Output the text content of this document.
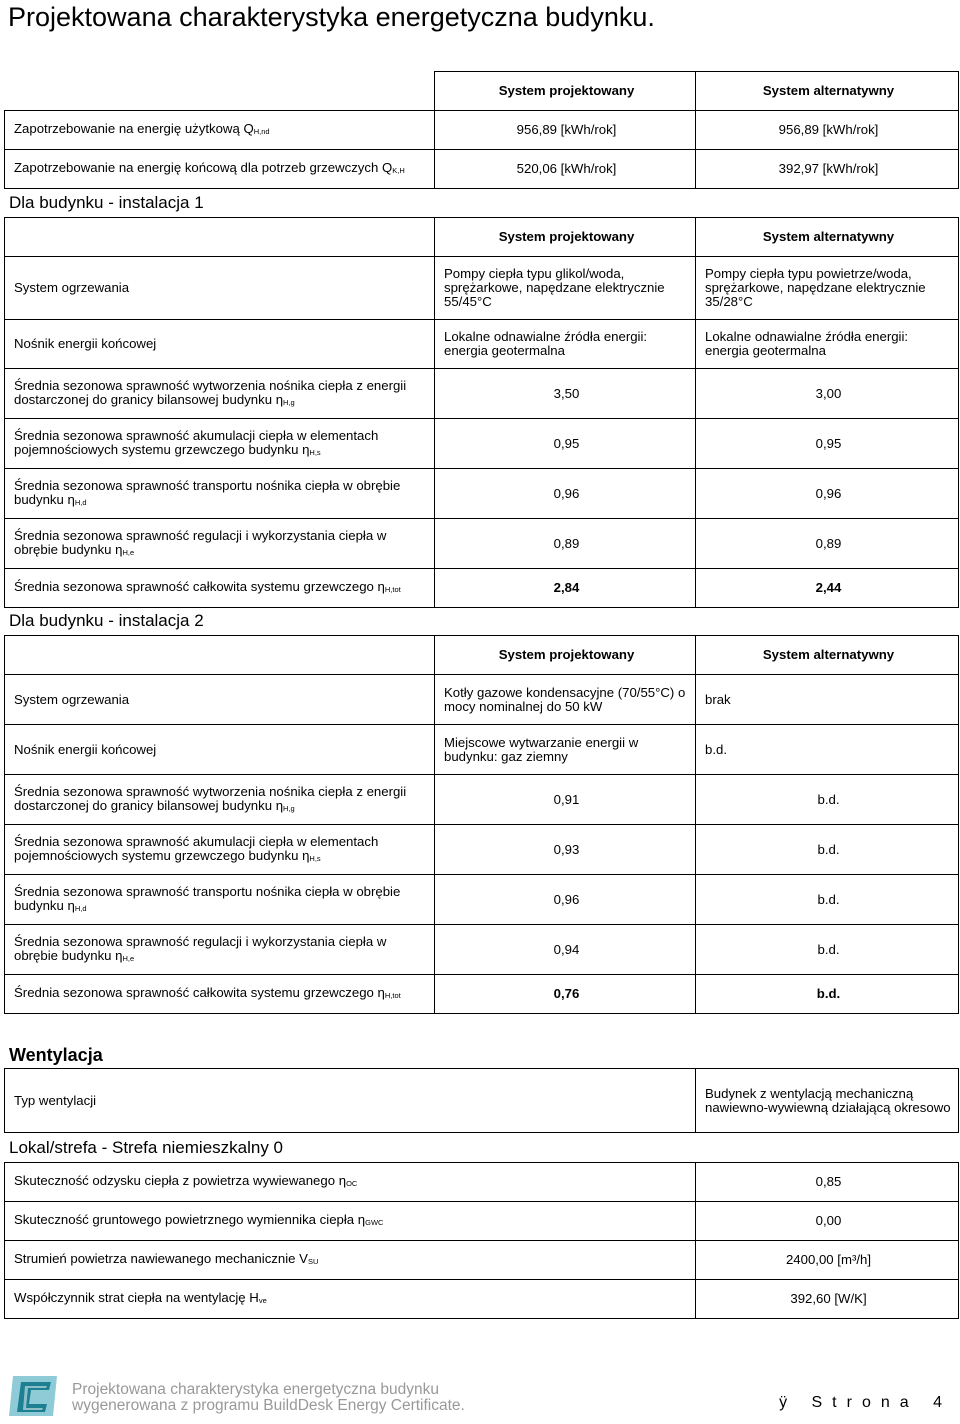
Projektowana charakterystyka energetyczna budynku.
	System projektowany	System alternatywny
Zapotrzebowanie na energię użytkową $Q_{H,nd}$	956,89 [kWh/rok]	956,89 [kWh/rok]
Zapotrzebowanie na energię końcową dla potrzeb grzewczych $Q_{K,H}$	520,06 [kWh/rok]	392,97 [kWh/rok]
Dla budynku - instalacja 1
	System projektowany	System alternatywny
System ogrzewania	Pompy ciepła typu glikol/woda, sprężarkowe, napędzane elektrycznie 55/45°C	Pompy ciepła typu powietrze/woda, sprężarkowe, napędzane elektrycznie 35/28°C
Nośnik energii końcowej	Lokalne odnawialne źródła energii: energia geotermalna	Lokalne odnawialne źródła energii: energia geotermalna
Średnia sezonowa sprawność wytworzenia nośnika ciepła z energii dostarczonej do granicy bilansowej budynku $\eta_{H,g}$	3,50	3,00
Średnia sezonowa sprawność akumulacji ciepła w elementach pojemnościowych systemu grzewczego budynku $\eta_{H,s}$	0,95	0,95
Średnia sezonowa sprawność transportu nośnika ciepła w obrębie budynku $\eta_{H,d}$	0,96	0,96
Średnia sezonowa sprawność regulacji i wykorzystania ciepła w obrębie budynku $\eta_{H,e}$	0,89	0,89
Średnia sezonowa sprawność całkowita systemu grzewczego $\eta_{H,tot}$	2,84	2,44
Dla budynku - instalacja 2
	System projektowany	System alternatywny
System ogrzewania	Kotły gazowe kondensacyjne (70/55°C) o mocy nominalnej do 50 kW	brak
Nośnik energii końcowej	Miejscowe wytwarzanie energii w budynku: gaz ziemny	b.d.
Średnia sezonowa sprawność wytworzenia nośnika ciepła z energii dostarczonej do granicy bilansowej budynku $\eta_{H,g}$	0,91	b.d.
Średnia sezonowa sprawność akumulacji ciepła w elementach pojemnościowych systemu grzewczego budynku $\eta_{H,s}$	0,93	b.d.
Średnia sezonowa sprawność transportu nośnika ciepła w obrębie budynku $\eta_{H,d}$	0,96	b.d.
Średnia sezonowa sprawność regulacji i wykorzystania ciepła w obrębie budynku $\eta_{H,e}$	0,94	b.d.
Średnia sezonowa sprawność całkowita systemu grzewczego $\eta_{H,tot}$	0,76	b.d.
Wentylacja
Typ wentylacji	Budynek z wentylacją mechaniczną nawiewno-wywiewną działającą okresowo
Lokal/strefa - Strefa niemieszkalny 0
Skuteczność odzysku ciepła z powietrza wywiewanego $\eta_{OC}$	0,85
Skuteczność gruntowego powietrznego wymiennika ciepła $\eta_{GWC}$	0,00
Strumień powietrza nawiewanego mechanicznie $V_{SU}$	2400,00 [m³/h]
Współczynnik strat ciepła na wentylację $H_{ve}$	392,60 [W/K]
Projektowana charakterystyka energetyczna budynku
wygenerowana z programu BuildDesk Energy Certificate.	ÿ Strona 4
